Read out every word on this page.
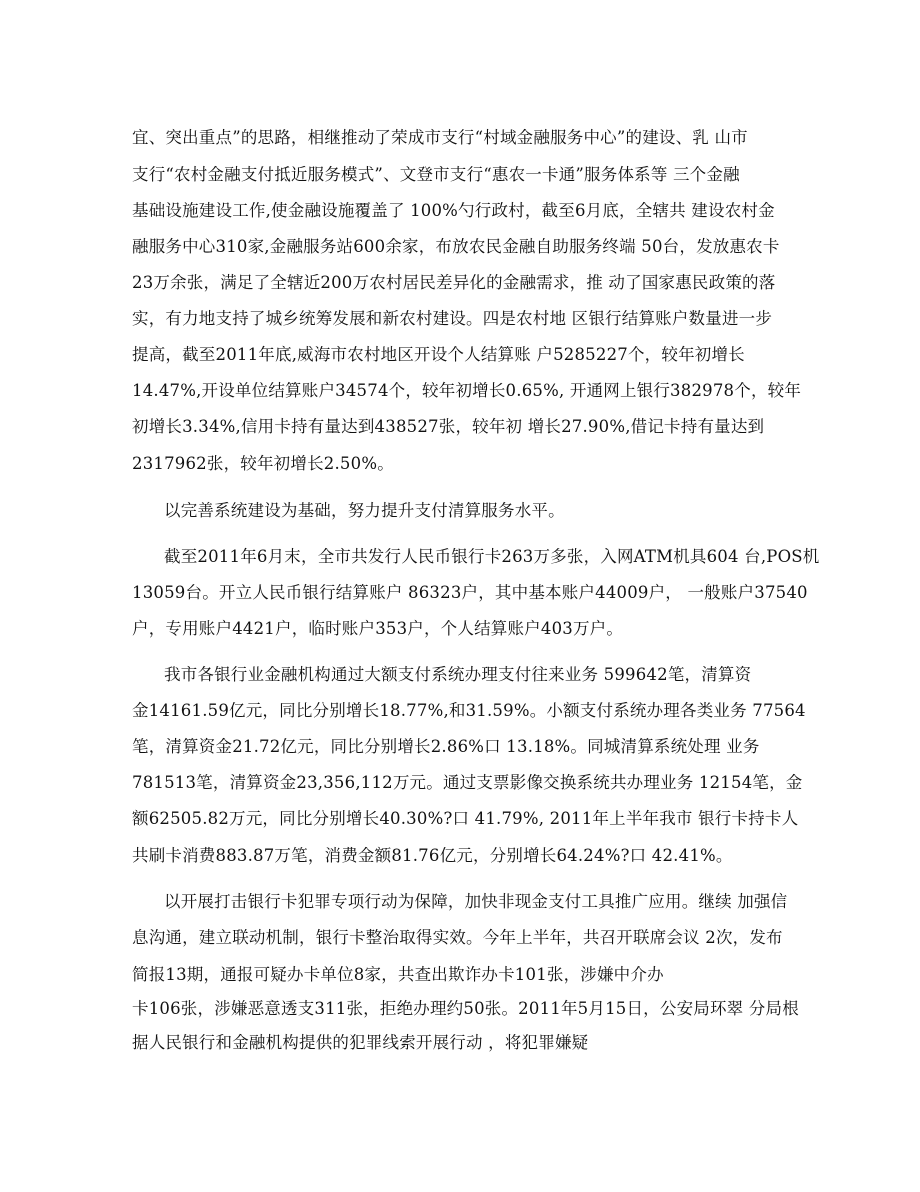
宜、突出重点”的思路，相继推动了荣成市支行“村域金融服务中心”的建设、乳 山市
支行“农村金融支付抵近服务模式”、文登市支行“惠农一卡通”服务体系等 三个金融
基础设施建设工作,使金融设施覆盖了 100%勺行政村，截至6月底，全辖共 建设农村金
融服务中心310家,金融服务站600余家，布放农民金融自助服务终端 50台，发放惠农卡
23万余张，满足了全辖近200万农村居民差异化的金融需求，推 动了国家惠民政策的落
实，有力地支持了城乡统筹发展和新农村建设。四是农村地 区银行结算账户数量进一步
提高，截至2011年底,威海市农村地区开设个人结算账 户5285227个，较年初增长
14.47%,开设单位结算账户34574个，较年初增长0.65%, 开通网上银行382978个，较年
初增长3.34%,信用卡持有量达到438527张，较年初 增长27.90%,借记卡持有量达到
2317962张，较年初增长2.50%。
以完善系统建设为基础，努力提升支付清算服务水平。
截至2011年6月末，全市共发行人民币银行卡263万多张，入网ATM机具604 台,POS机
13059台。开立人民币银行结算账户 86323户，其中基本账户44009户， 一般账户37540
户，专用账户4421户，临时账户353户，个人结算账户403万户。
我市各银行业金融机构通过大额支付系统办理支付往来业务 599642笔，清算资
金14161.59亿元，同比分别增长18.77%,和31.59%。小额支付系统办理各类业务 77564
笔，清算资金21.72亿元，同比分别增长2.86%口 13.18%。同城清算系统处理 业务
781513笔，清算资金23,356,112万元。通过支票影像交换系统共办理业务 12154笔，金
额62505.82万元，同比分别增长40.30%?口 41.79%, 2011年上半年我市 银行卡持卡人
共刷卡消费883.87万笔，消费金额81.76亿元，分别增长64.24%?口 42.41%。
以开展打击银行卡犯罪专项行动为保障，加快非现金支付工具推广应用。继续 加强信
息沟通，建立联动机制，银行卡整治取得实效。今年上半年，共召开联席会议 2次，发布
简报13期，通报可疑办卡单位8家，共查出欺诈办卡101张，涉嫌中介办
卡106张，涉嫌恶意透支311张，拒绝办理约50张。2011年5月15日，公安局环翠 分局根
据人民银行和金融机构提供的犯罪线索开展行动 ，将犯罪嫌疑
